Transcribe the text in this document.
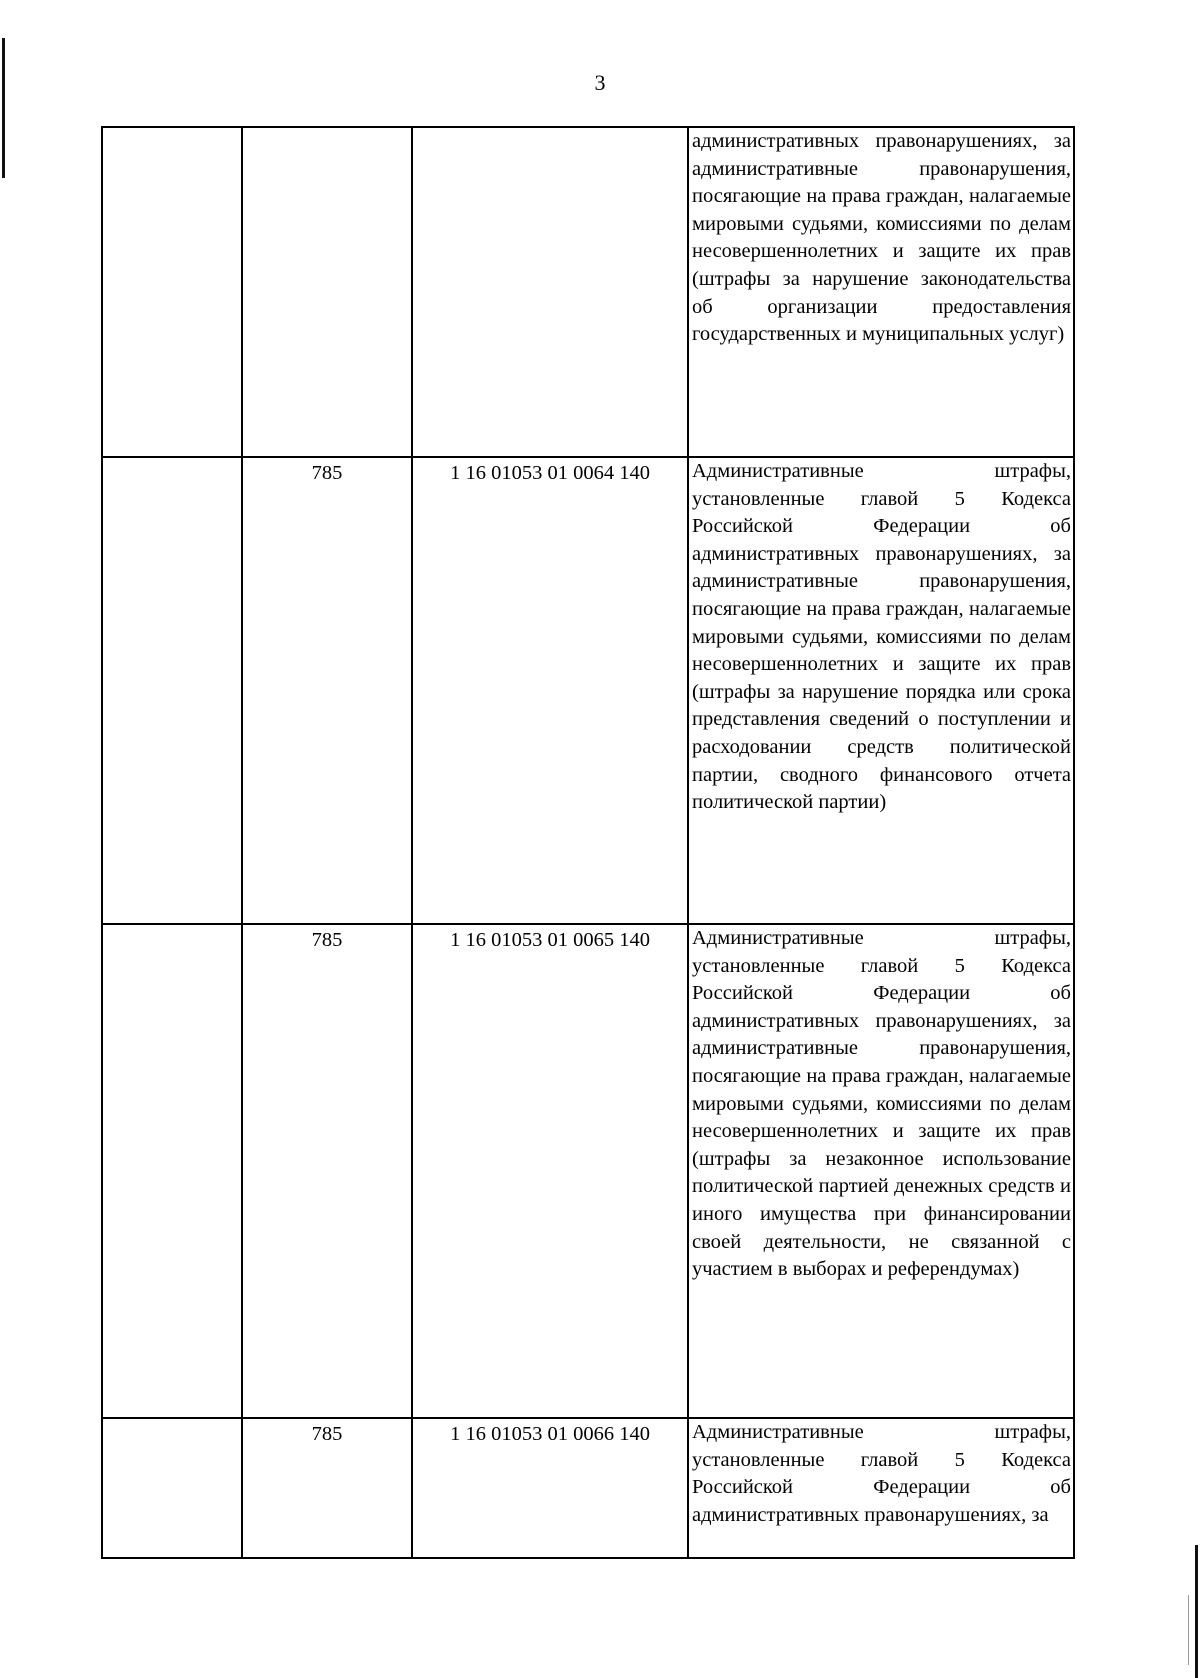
3

			административных правонарушениях, за административные правонарушения, посягающие на права граждан, налагаемые мировыми судьями, комиссиями по делам несовершеннолетних и защите их прав (штрафы за нарушение законодательства об организации предоставления государственных и муниципальных услуг)

	785	1 16 01053 01 0064 140	Административные штрафы, установленные главой 5 Кодекса Российской Федерации об административных правонарушениях, за административные правонарушения, посягающие на права граждан, налагаемые мировыми судьями, комиссиями по делам несовершеннолетних и защите их прав (штрафы за нарушение порядка или срока представления сведений о поступлении и расходовании средств политической партии, сводного финансового отчета политической партии)

	785	1 16 01053 01 0065 140	Административные штрафы, установленные главой 5 Кодекса Российской Федерации об административных правонарушениях, за административные правонарушения, посягающие на права граждан, налагаемые мировыми судьями, комиссиями по делам несовершеннолетних и защите их прав (штрафы за незаконное использование политической партией денежных средств и иного имущества при финансировании своей деятельности, не связанной с участием в выборах и референдумах)

	785	1 16 01053 01 0066 140	Административные штрафы, установленные главой 5 Кодекса Российской Федерации об административных правонарушениях, за
